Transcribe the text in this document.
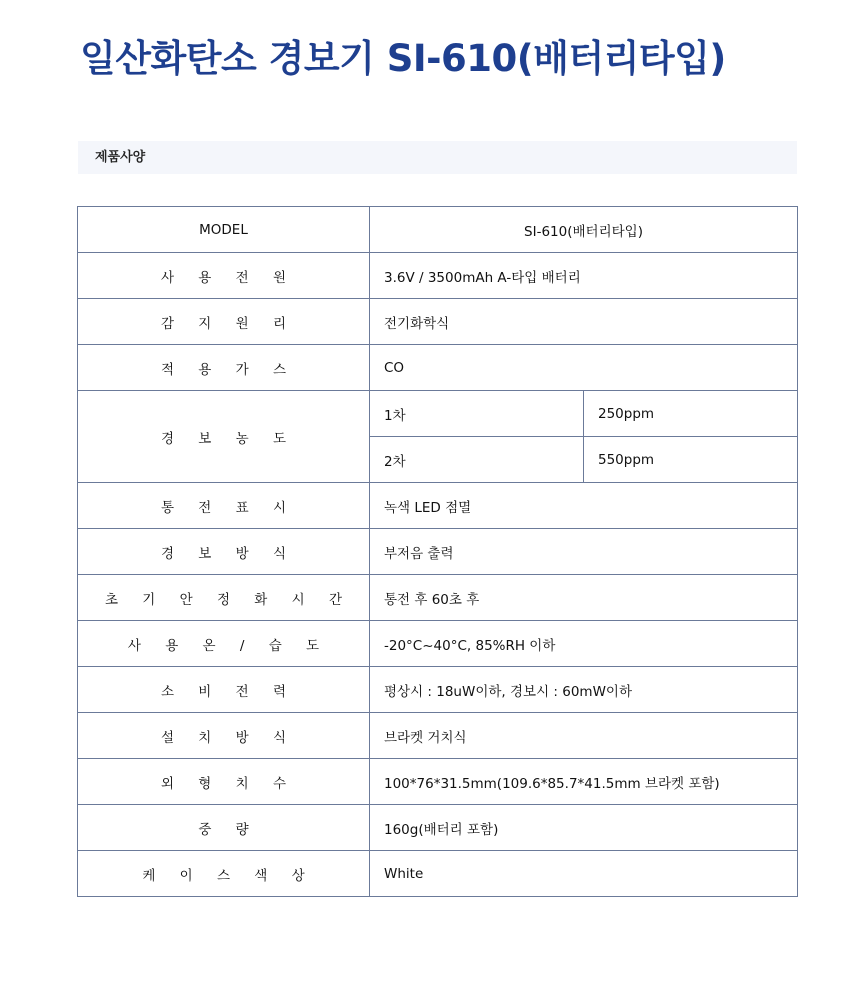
일산화탄소 경보기 SI-610(배터리타입)
제품사양
MODEL	SI-610(배터리타입)	
사 용 전 원	3.6V / 3500mAh A-타입 배터리	
감 지 원 리	전기화학식	
적 용 가 스	CO	
경 보 농 도	1차	250ppm
	2차	550ppm
통 전 표 시	녹색 LED 점멸	
경 보 방 식	부저음 출력	
초 기 안 정 화 시 간	통전 후 60초 후	
사 용 온 / 습 도	-20°C~40°C, 85%RH 이하	
소 비 전 력	평상시 : 18uW이하, 경보시 : 60mW이하	
설 치 방 식	브라켓 거치식	
외 형 치 수	100*76*31.5mm(109.6*85.7*41.5mm 브라켓 포함)	
중 량	160g(배터리 포함)	
케 이 스 색 상	White	
